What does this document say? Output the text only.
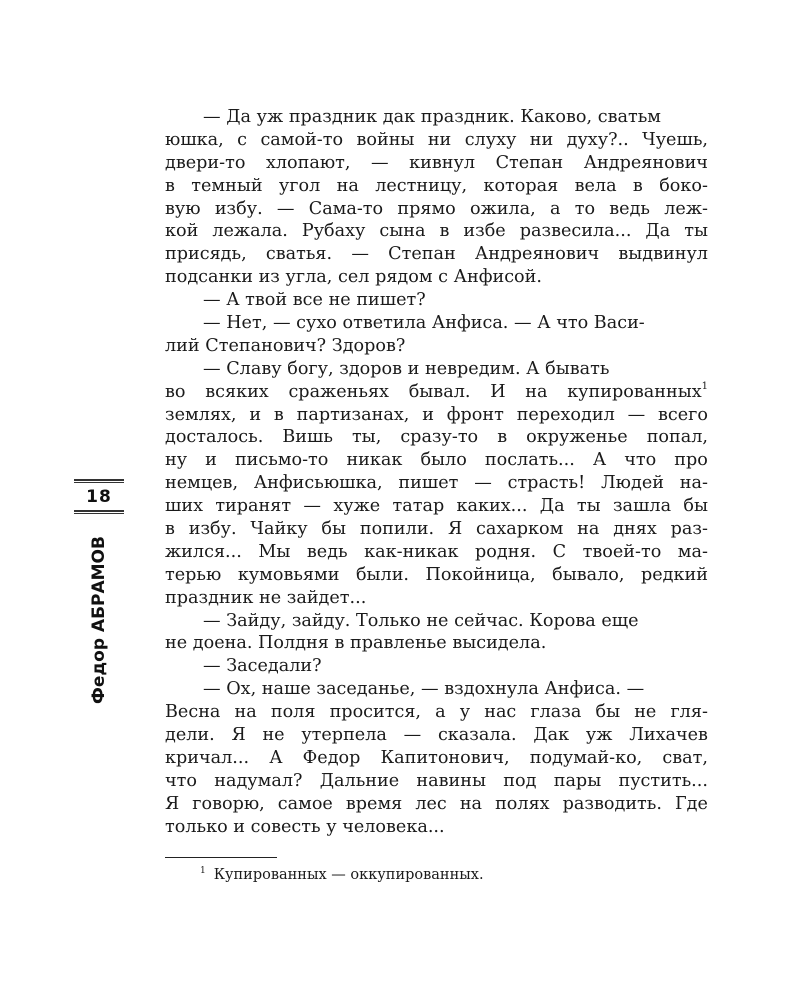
— Да уж праздник дак праздник. Каково, сватьм
юшка, с самой-то войны ни слуху ни духу?.. Чуешь,
двери-то хлопают, — кивнул Степан Андреянович
в темный угол на лестницу, которая вела в боко-
вую избу. — Сама-то прямо ожила, а то ведь леж-
кой лежала. Рубаху сына в избе развесила... Да ты
присядь, сватья. — Степан Андреянович выдвинул
подсанки из угла, сел рядом с Анфисой.
— А твой все не пишет?
— Нет, — сухо ответила Анфиса. — А что Васи-
лий Степанович? Здоров?
— Славу богу, здоров и невредим. А бывать
во всяких сраженьях бывал. И на купированных$^1$
землях, и в партизанах, и фронт переходил — всего
досталось. Вишь ты, сразу-то в окруженье попал,
ну и письмо-то никак было послать... А что про
немцев, Анфисьюшка, пишет — страсть! Людей на-
ших тиранят — хуже татар каких... Да ты зашла бы
в избу. Чайку бы попили. Я сахарком на днях раз-
жился... Мы ведь как-никак родня. С твоей-то ма-
терью кумовьями были. Покойница, бывало, редкий
праздник не зайдет...
— Зайду, зайду. Только не сейчас. Корова еще
не доена. Полдня в правленье высидела.
— Заседали?
— Ох, наше заседанье, — вздохнула Анфиса. —
Весна на поля просится, а у нас глаза бы не гля-
дели. Я не утерпела — сказала. Дак уж Лихачев
кричал... А Федор Капитонович, подумай-ко, сват,
что надумал? Дальние навины под пары пустить...
Я говорю, самое время лес на полях разводить. Где
только и совесть у человека...
18
Федор АБРАМОВ
$^1$ Купированных — оккупированных.
